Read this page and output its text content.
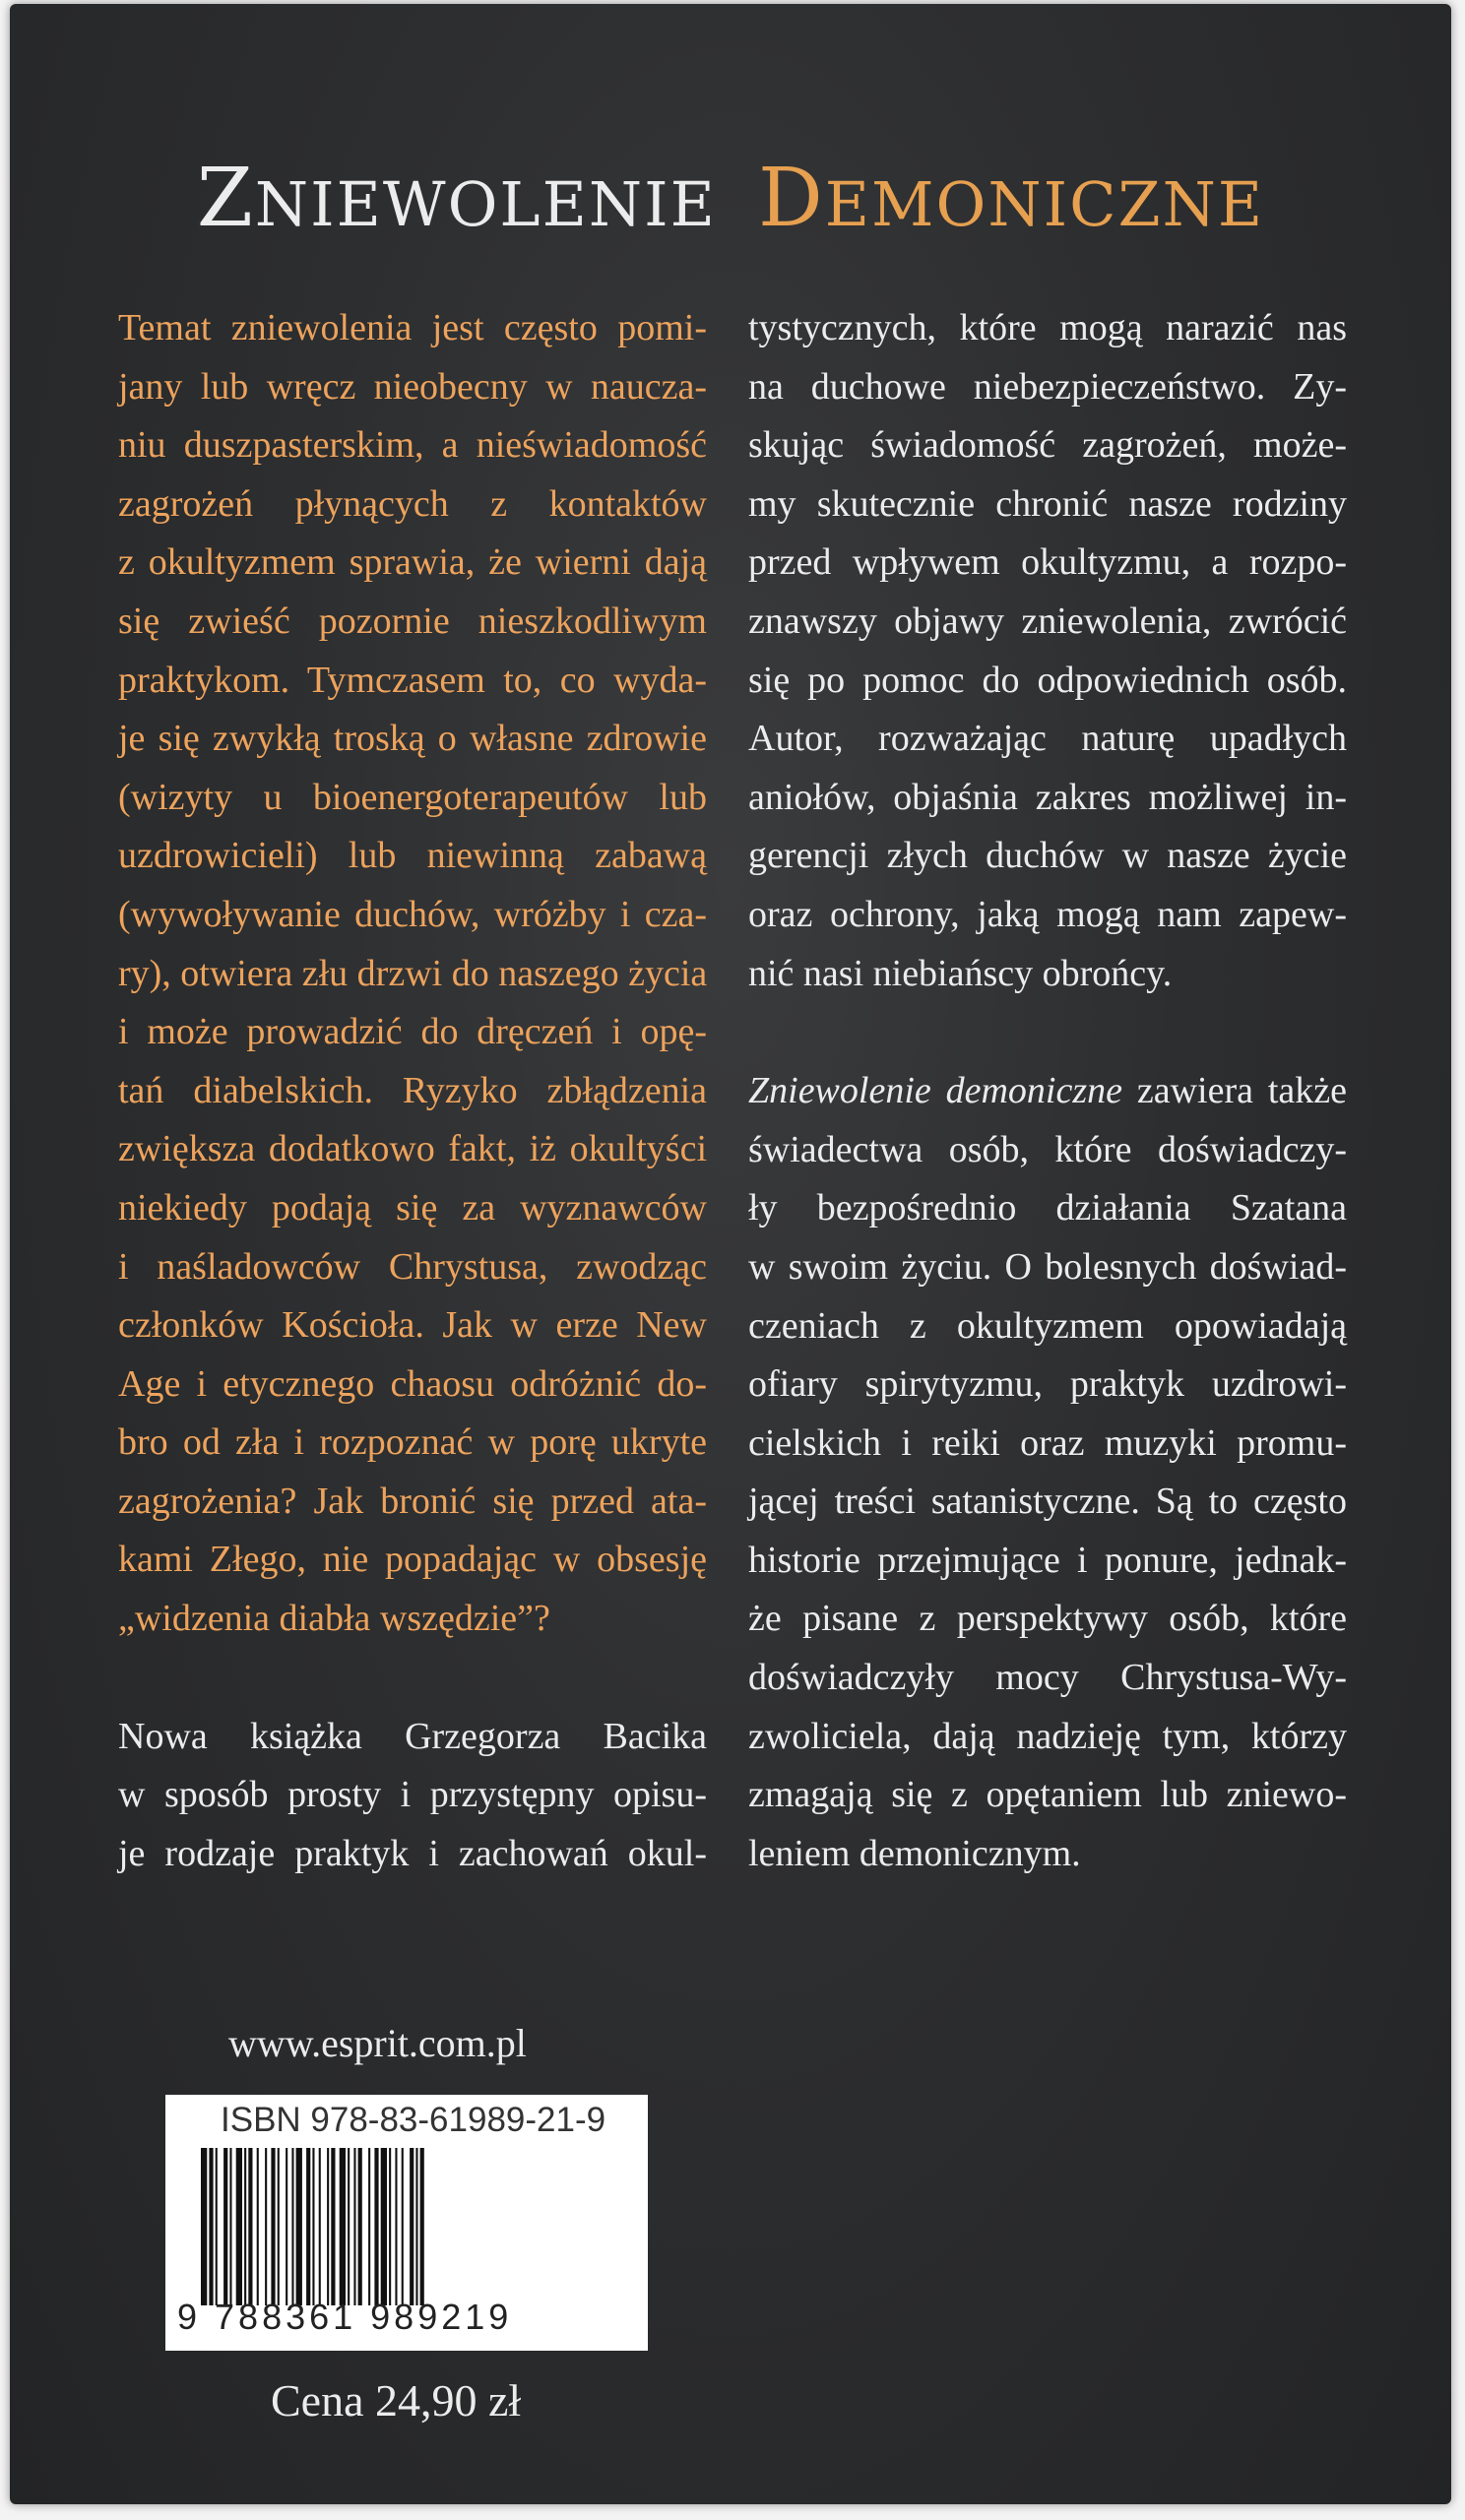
ZNIEWOLENIE DEMONICZNE

Temat zniewolenia jest często pomi-
jany lub wręcz nieobecny w naucza-
niu duszpasterskim, a nieświadomość
zagrożeń płynących z kontaktów
z okultyzmem sprawia, że wierni dają
się zwieść pozornie nieszkodliwym
praktykom. Tymczasem to, co wyda-
je się zwykłą troską o własne zdrowie
(wizyty u bioenergoterapeutów lub
uzdrowicieli) lub niewinną zabawą
(wywoływanie duchów, wróżby i cza-
ry), otwiera złu drzwi do naszego życia
i może prowadzić do dręczeń i opę-
tań diabelskich. Ryzyko zbłądzenia
zwiększa dodatkowo fakt, iż okultyści
niekiedy podają się za wyznawców
i naśladowców Chrystusa, zwodząc
członków Kościoła. Jak w erze New
Age i etycznego chaosu odróżnić do-
bro od zła i rozpoznać w porę ukryte
zagrożenia? Jak bronić się przed ata-
kami Złego, nie popadając w obsesję
„widzenia diabła wszędzie”?

Nowa książka Grzegorza Bacika
w sposób prosty i przystępny opisu-
je rodzaje praktyk i zachowań okul-

tystycznych, które mogą narazić nas
na duchowe niebezpieczeństwo. Zy-
skując świadomość zagrożeń, może-
my skutecznie chronić nasze rodziny
przed wpływem okultyzmu, a rozpo-
znawszy objawy zniewolenia, zwrócić
się po pomoc do odpowiednich osób.
Autor, rozważając naturę upadłych
aniołów, objaśnia zakres możliwej in-
gerencji złych duchów w nasze życie
oraz ochrony, jaką mogą nam zapew-
nić nasi niebiańscy obrońcy.

Zniewolenie demoniczne zawiera także
świadectwa osób, które doświadczy-
ły bezpośrednio działania Szatana
w swoim życiu. O bolesnych doświad-
czeniach z okultyzmem opowiadają
ofiary spirytyzmu, praktyk uzdrowi-
cielskich i reiki oraz muzyki promu-
jącej treści satanistyczne. Są to często
historie przejmujące i ponure, jednak-
że pisane z perspektywy osób, które
doświadczyły mocy Chrystusa-Wy-
zwoliciela, dają nadzieję tym, którzy
zmagają się z opętaniem lub zniewo-
leniem demonicznym.

www.esprit.com.pl
ISBN 978-83-61989-21-9
9 788361 989219
Cena 24,90 zł
